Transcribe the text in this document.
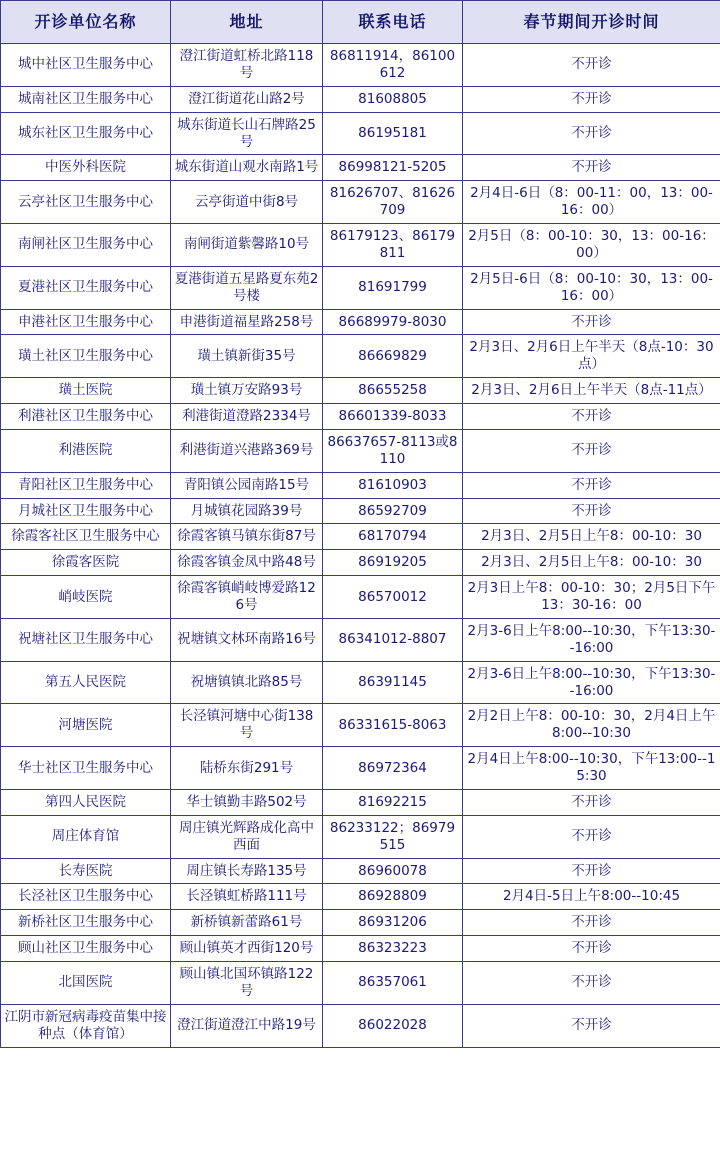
开诊单位名称	地址	联系电话	春节期间开诊时间
城中社区卫生服务中心	澄江街道虹桥北路118号	86811914，86100612	不开诊
城南社区卫生服务中心	澄江街道花山路2号	81608805	不开诊
城东社区卫生服务中心	城东街道长山石牌路25号	86195181	不开诊
中医外科医院	城东街道山观水南路1号	86998121-5205	不开诊
云亭社区卫生服务中心	云亭街道中街8号	81626707、81626709	2月4日-6日（8：00-11：00，13：00-16：00）
南闸社区卫生服务中心	南闸街道紫馨路10号	86179123、86179811	2月5日（8：00-10：30，13：00-16：00）
夏港社区卫生服务中心	夏港街道五星路夏东苑2号楼	81691799	2月5日-6日（8：00-10：30，13：00-16：00）
申港社区卫生服务中心	申港街道福星路258号	86689979-8030	不开诊
璜土社区卫生服务中心	璜土镇新街35号	86669829	2月3日、2月6日上午半天（8点-10：30点）
璜土医院	璜土镇万安路93号	86655258	2月3日、2月6日上午半天（8点-11点）
利港社区卫生服务中心	利港街道澄路2334号	86601339-8033	不开诊
利港医院	利港街道兴港路369号	86637657-8113或8110	不开诊
青阳社区卫生服务中心	青阳镇公园南路15号	81610903	不开诊
月城社区卫生服务中心	月城镇花园路39号	86592709	不开诊
徐霞客社区卫生服务中心	徐霞客镇马镇东街87号	68170794	2月3日、2月5日上午8：00-10：30
徐霞客医院	徐霞客镇金凤中路48号	86919205	2月3日、2月5日上午8：00-10：30
峭岐医院	徐霞客镇峭岐博爱路126号	86570012	2月3日上午8：00-10：30；2月5日下午13：30-16：00
祝塘社区卫生服务中心	祝塘镇文林环南路16号	86341012-8807	2月3-6日上午8:00--10:30，下午13:30--16:00
第五人民医院	祝塘镇镇北路85号	86391145	2月3-6日上午8:00--10:30，下午13:30--16:00
河塘医院	长泾镇河塘中心街138号	86331615-8063	2月2日上午8：00-10：30，2月4日上午8:00--10:30
华士社区卫生服务中心	陆桥东街291号	86972364	2月4日上午8:00--10:30，下午13:00--15:30
第四人民医院	华士镇勤丰路502号	81692215	不开诊
周庄体育馆	周庄镇光辉路成化高中西面	86233122；86979515	不开诊
长寿医院	周庄镇长寿路135号	86960078	不开诊
长泾社区卫生服务中心	长泾镇虹桥路111号	86928809	2月4日-5日上午8:00--10:45
新桥社区卫生服务中心	新桥镇新蕾路61号	86931206	不开诊
顾山社区卫生服务中心	顾山镇英才西街120号	86323223	不开诊
北国医院	顾山镇北国环镇路122号	86357061	不开诊
江阴市新冠病毒疫苗集中接种点（体育馆）	澄江街道澄江中路19号	86022028	不开诊
